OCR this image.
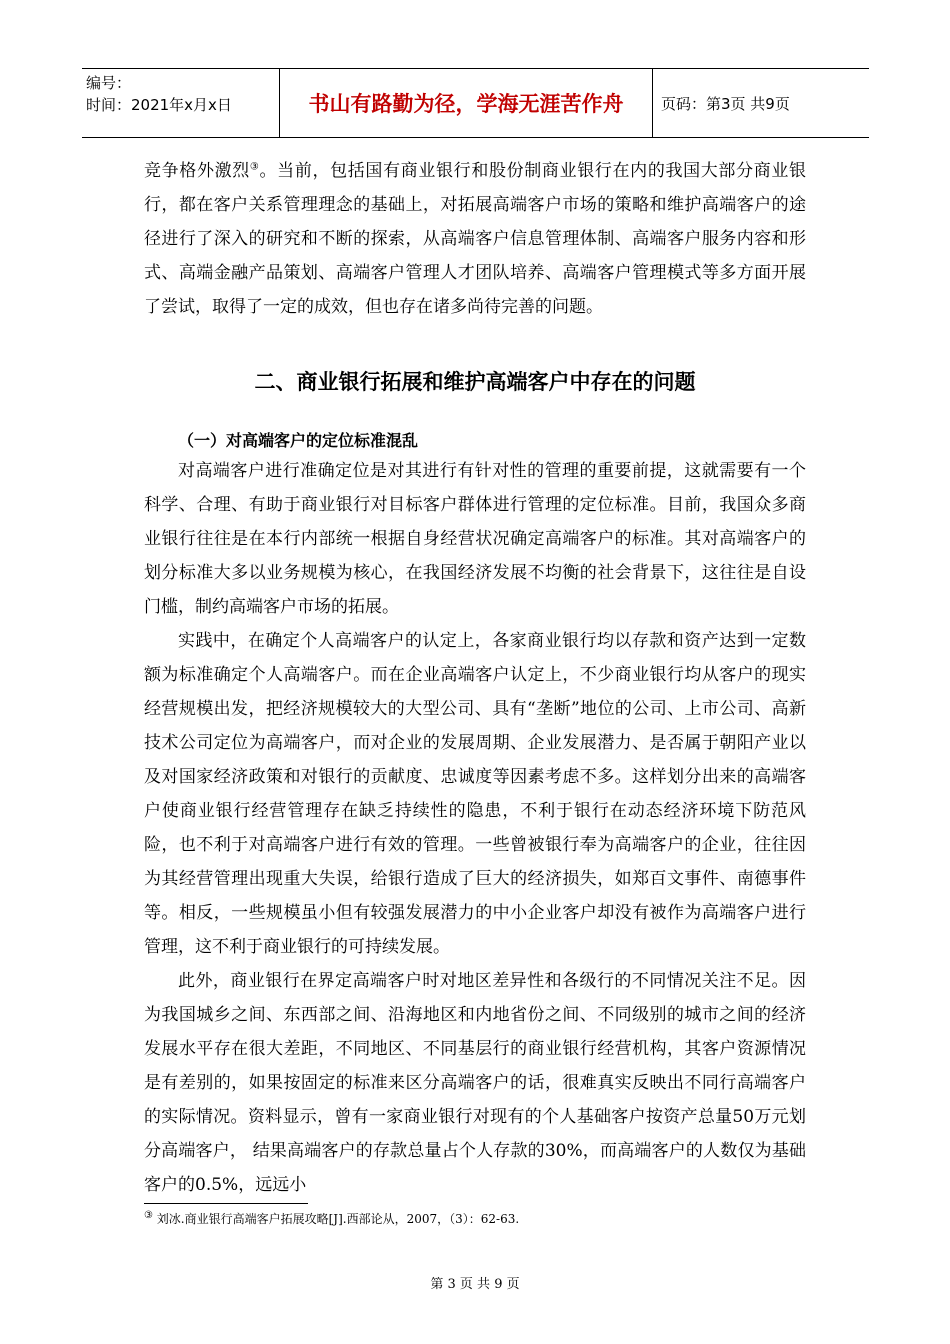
编号：
时间：2021年x月x日	书山有路勤为径，学海无涯苦作舟	页码：第3页 共9页

竞争格外激烈③。当前，包括国有商业银行和股份制商业银行在内的我国大部分商业银行，都在客户关系管理理念的基础上，对拓展高端客户市场的策略和维护高端客户的途径进行了深入的研究和不断的探索，从高端客户信息管理体制、高端客户服务内容和形式、高端金融产品策划、高端客户管理人才团队培养、高端客户管理模式等多方面开展了尝试，取得了一定的成效，但也存在诸多尚待完善的问题。

二、商业银行拓展和维护高端客户中存在的问题
（一）对高端客户的定位标准混乱

对高端客户进行准确定位是对其进行有针对性的管理的重要前提，这就需要有一个科学、合理、有助于商业银行对目标客户群体进行管理的定位标准。目前，我国众多商业银行往往是在本行内部统一根据自身经营状况确定高端客户的标准。其对高端客户的划分标准大多以业务规模为核心，在我国经济发展不均衡的社会背景下，这往往是自设门槛，制约高端客户市场的拓展。

实践中，在确定个人高端客户的认定上，各家商业银行均以存款和资产达到一定数额为标准确定个人高端客户。而在企业高端客户认定上，不少商业银行均从客户的现实经营规模出发，把经济规模较大的大型公司、具有“垄断”地位的公司、上市公司、高新技术公司定位为高端客户，而对企业的发展周期、企业发展潜力、是否属于朝阳产业以及对国家经济政策和对银行的贡献度、忠诚度等因素考虑不多。这样划分出来的高端客户使商业银行经营管理存在缺乏持续性的隐患，不利于银行在动态经济环境下防范风险，也不利于对高端客户进行有效的管理。一些曾被银行奉为高端客户的企业，往往因为其经营管理出现重大失误，给银行造成了巨大的经济损失，如郑百文事件、南德事件等。相反，一些规模虽小但有较强发展潜力的中小企业客户却没有被作为高端客户进行管理，这不利于商业银行的可持续发展。

此外，商业银行在界定高端客户时对地区差异性和各级行的不同情况关注不足。因为我国城乡之间、东西部之间、沿海地区和内地省份之间、不同级别的城市之间的经济发展水平存在很大差距，不同地区、不同基层行的商业银行经营机构，其客户资源情况是有差别的，如果按固定的标准来区分高端客户的话，很难真实反映出不同行高端客户的实际情况。资料显示，曾有一家商业银行对现有的个人基础客户按资产总量50万元划分高端客户， 结果高端客户的存款总量占个人存款的30%，而高端客户的人数仅为基础客户的0.5%，远远小

③ 刘冰.商业银行高端客户拓展攻略[J].西部论从，2007，（3）：62-63.
第 3 页 共 9 页
